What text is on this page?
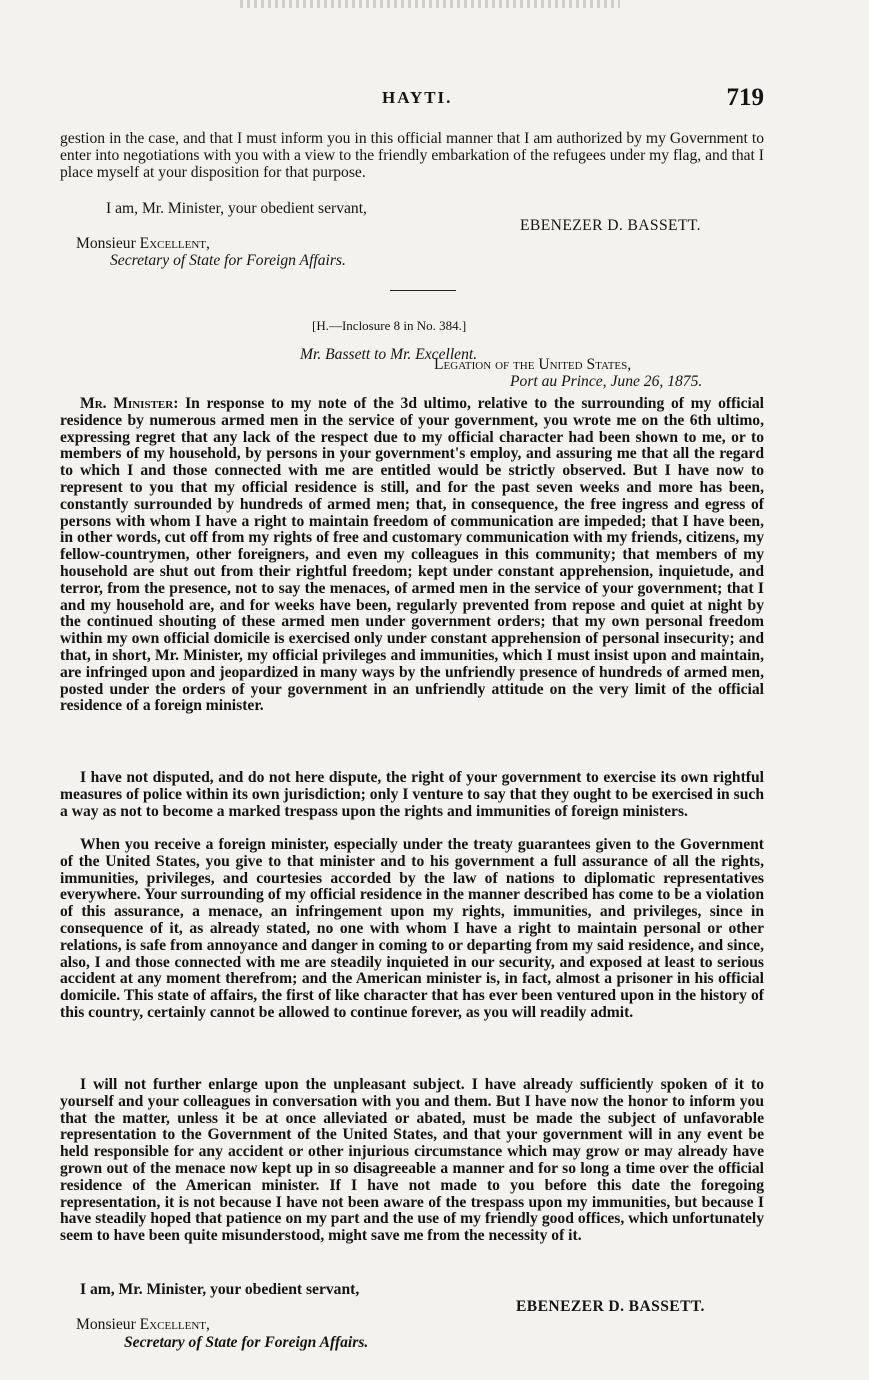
HAYTI.	719

gestion in the case, and that I must inform you in this official manner that I am authorized by my Government to enter into negotiations with you with a view to the friendly embarkation of the refugees under my flag, and that I place myself at your disposition for that purpose.

I am, Mr. Minister, your obedient servant,

EBENEZER D. BASSETT.

Monsieur Excellent,

Secretary of State for Foreign Affairs.

[H.—Inclosure 8 in No. 384.]

Mr. Bassett to Mr. Excellent.

Legation of the United States,

Port au Prince, June 26, 1875.

Mr. Minister: In response to my note of the 3d ultimo, relative to the surrounding of my official residence by numerous armed men in the service of your government, you wrote me on the 6th ultimo, expressing regret that any lack of the respect due to my official character had been shown to me, or to members of my household, by persons in your government's employ, and assuring me that all the regard to which I and those connected with me are entitled would be strictly observed. But I have now to represent to you that my official residence is still, and for the past seven weeks and more has been, constantly surrounded by hundreds of armed men; that, in consequence, the free ingress and egress of persons with whom I have a right to maintain freedom of communication are impeded; that I have been, in other words, cut off from my rights of free and customary communication with my friends, citizens, my fellow-countrymen, other foreigners, and even my colleagues in this community; that members of my household are shut out from their rightful freedom; kept under constant apprehension, inquietude, and terror, from the presence, not to say the menaces, of armed men in the service of your government; that I and my household are, and for weeks have been, regularly prevented from repose and quiet at night by the continued shouting of these armed men under government orders; that my own personal freedom within my own official domicile is exercised only under constant apprehension of personal insecurity; and that, in short, Mr. Minister, my official privileges and immunities, which I must insist upon and maintain, are infringed upon and jeopardized in many ways by the unfriendly presence of hundreds of armed men, posted under the orders of your government in an unfriendly attitude on the very limit of the official residence of a foreign minister.

I have not disputed, and do not here dispute, the right of your government to exercise its own rightful measures of police within its own jurisdiction; only I venture to say that they ought to be exercised in such a way as not to become a marked trespass upon the rights and immunities of foreign ministers.

When you receive a foreign minister, especially under the treaty guarantees given to the Government of the United States, you give to that minister and to his government a full assurance of all the rights, immunities, privileges, and courtesies accorded by the law of nations to diplomatic representatives everywhere. Your surrounding of my official residence in the manner described has come to be a violation of this assurance, a menace, an infringement upon my rights, immunities, and privileges, since in consequence of it, as already stated, no one with whom I have a right to maintain personal or other relations, is safe from annoyance and danger in coming to or departing from my said residence, and since, also, I and those connected with me are steadily inquieted in our security, and exposed at least to serious accident at any moment therefrom; and the American minister is, in fact, almost a prisoner in his official domicile. This state of affairs, the first of like character that has ever been ventured upon in the history of this country, certainly cannot be allowed to continue forever, as you will readily admit.

I will not further enlarge upon the unpleasant subject. I have already sufficiently spoken of it to yourself and your colleagues in conversation with you and them. But I have now the honor to inform you that the matter, unless it be at once alleviated or abated, must be made the subject of unfavorable representation to the Government of the United States, and that your government will in any event be held responsible for any accident or other injurious circumstance which may grow or may already have grown out of the menace now kept up in so disagreeable a manner and for so long a time over the official residence of the American minister. If I have not made to you before this date the foregoing representation, it is not because I have not been aware of the trespass upon my immunities, but because I have steadily hoped that patience on my part and the use of my friendly good offices, which unfortunately seem to have been quite misunderstood, might save me from the necessity of it.

I am, Mr. Minister, your obedient servant,

EBENEZER D. BASSETT.

Monsieur Excellent,

Secretary of State for Foreign Affairs.
